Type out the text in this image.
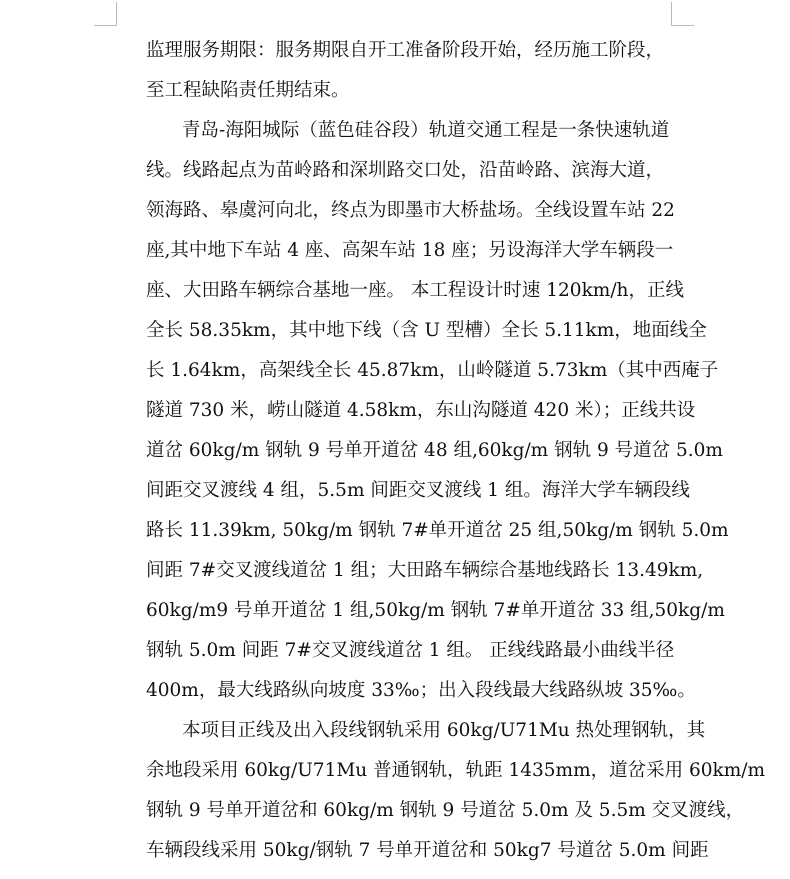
监理服务期限：服务期限自开工准备阶段开始，经历施工阶段，
至工程缺陷责任期结束。
青岛-海阳城际（蓝色硅谷段）轨道交通工程是一条快速轨道
线。线路起点为苗岭路和深圳路交口处，沿苗岭路、滨海大道，
领海路、皋虞河向北，终点为即墨市大桥盐场。全线设置车站 22
座,其中地下车站 4 座、高架车站 18 座；另设海洋大学车辆段一
座、大田路车辆综合基地一座。 本工程设计时速 120km/h，正线
全长 58.35km，其中地下线（含 U 型槽）全长 5.11km，地面线全
长 1.64km，高架线全长 45.87km，山岭隧道 5.73km（其中西庵子
隧道 730 米，崂山隧道 4.58km，东山沟隧道 420 米）；正线共设
道岔 60kg/m 钢轨 9 号单开道岔 48 组,60kg/m 钢轨 9 号道岔 5.0m
间距交叉渡线 4 组，5.5m 间距交叉渡线 1 组。海洋大学车辆段线
路长 11.39km, 50kg/m 钢轨 7#单开道岔 25 组,50kg/m 钢轨 5.0m
间距 7#交叉渡线道岔 1 组；大田路车辆综合基地线路长 13.49km,
60kg/m9 号单开道岔 1 组,50kg/m 钢轨 7#单开道岔 33 组,50kg/m
钢轨 5.0m 间距 7#交叉渡线道岔 1 组。 正线线路最小曲线半径
400m，最大线路纵向坡度 33‰；出入段线最大线路纵坡 35‰。
本项目正线及出入段线钢轨采用 60kg/U71Mu 热处理钢轨，其
余地段采用 60kg/U71Mu 普通钢轨，轨距 1435mm，道岔采用 60km/m
钢轨 9 号单开道岔和 60kg/m 钢轨 9 号道岔 5.0m 及 5.5m 交叉渡线，
车辆段线采用 50kg/钢轨 7 号单开道岔和 50kg7 号道岔 5.0m 间距
